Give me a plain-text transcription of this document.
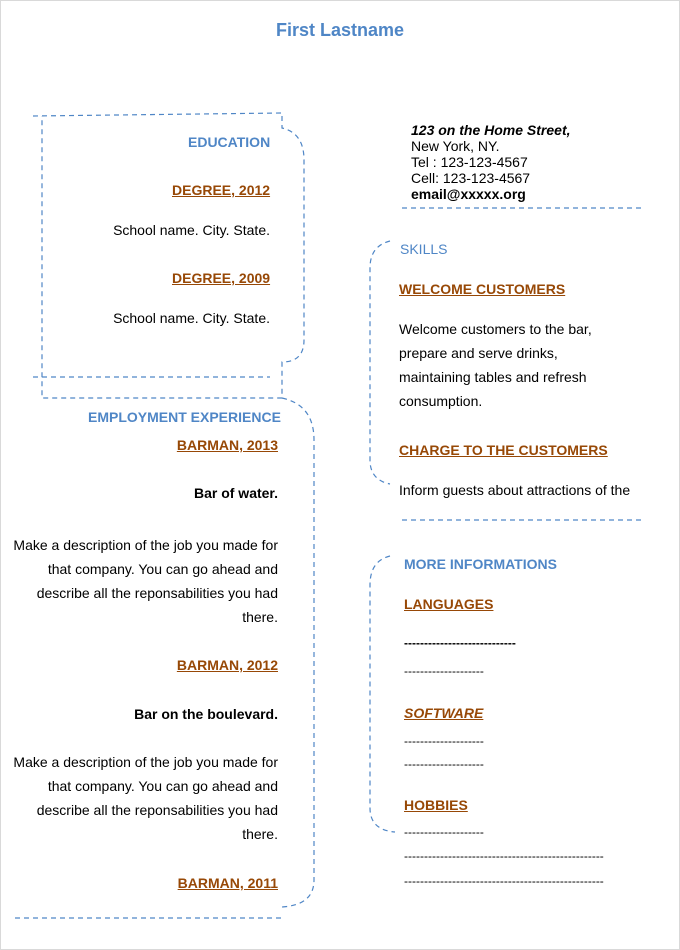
First Lastname
EDUCATION
DEGREE, 2012
School name. City. State.
DEGREE, 2009
School name. City. State.
EMPLOYMENT EXPERIENCE
BARMAN, 2013
Bar of water.
Make a description of the job you made for
that company. You can go ahead and
describe all the reponsabilities you had
there.
BARMAN, 2012
Bar on the boulevard.
Make a description of the job you made for
that company. You can go ahead and
describe all the reponsabilities you had
there.
BARMAN, 2011
123 on the Home Street,
New York, NY.
Tel : 123-123-4567
Cell: 123-123-4567
email@xxxxx.org
SKILLS
WELCOME CUSTOMERS
Welcome customers to the bar,
prepare and serve drinks,
maintaining tables and refresh
consumption.
CHARGE TO THE CUSTOMERS
Inform guests about attractions of the
MORE INFORMATIONS
LANGUAGES
----------------------------
--------------------
SOFTWARE
--------------------
--------------------
HOBBIES
--------------------
--------------------------------------------------
--------------------------------------------------
